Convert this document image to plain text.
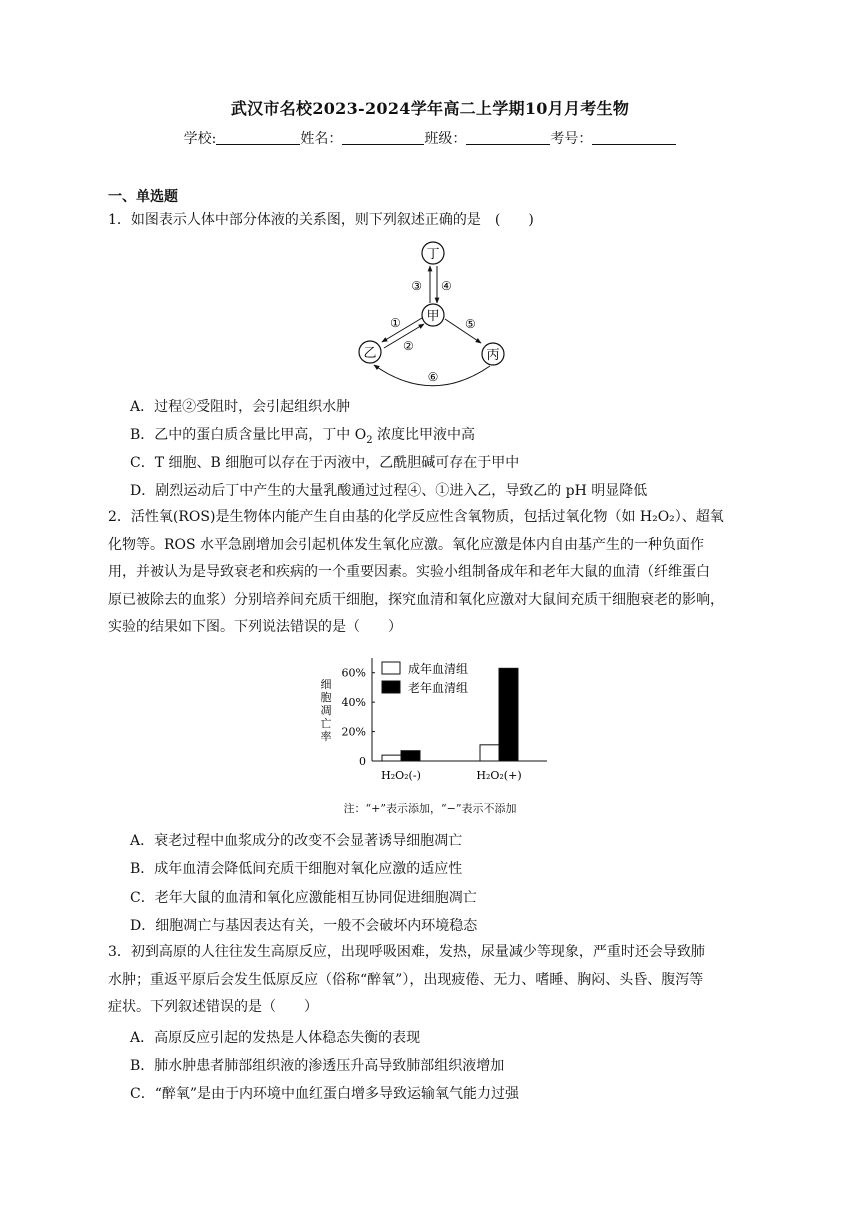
武汉市名校2023-2024学年高二上学期10月月考生物
学校:	姓名：	班级：	考号：
一、单选题
1．如图表示人体中部分体液的关系图，则下列叙述正确的是　(　　)
丁
甲
乙	丙
③ ④
①
②
⑤
⑥
A．过程②受阻时，会引起组织水肿
B．乙中的蛋白质含量比甲高，丁中 $O_2$ 浓度比甲液中高
C．T 细胞、B 细胞可以存在于丙液中，乙酰胆碱可存在于甲中
D．剧烈运动后丁中产生的大量乳酸通过过程④、①进入乙，导致乙的 pH 明显降低
2．活性氧(ROS)是生物体内能产生自由基的化学反应性含氧物质，包括过氧化物（如 H₂O₂）、超氧
化物等。ROS 水平急剧增加会引起机体发生氧化应激。氧化应激是体内自由基产生的一种负面作
用，并被认为是导致衰老和疾病的一个重要因素。实验小组制备成年和老年大鼠的血清（纤维蛋白
原已被除去的血浆）分别培养间充质干细胞，探究血清和氧化应激对大鼠间充质干细胞衰老的影响，
实验的结果如下图。下列说法错误的是（　　）
细
胞
凋
亡
率
0
20%
40%
60%
H₂O₂(-)	H₂O₂(+)
成年血清组
老年血清组
注：“+”表示添加，“−”表示不添加
A．衰老过程中血浆成分的改变不会显著诱导细胞凋亡
B．成年血清会降低间充质干细胞对氧化应激的适应性
C．老年大鼠的血清和氧化应激能相互协同促进细胞凋亡
D．细胞凋亡与基因表达有关，一般不会破坏内环境稳态
3．初到高原的人往往发生高原反应，出现呼吸困难，发热，尿量减少等现象，严重时还会导致肺
水肿；重返平原后会发生低原反应（俗称“醉氧”），出现疲倦、无力、嗜睡、胸闷、头昏、腹泻等
症状。下列叙述错误的是（　　）
A．高原反应引起的发热是人体稳态失衡的表现
B．肺水肿患者肺部组织液的渗透压升高导致肺部组织液增加
C．“醉氧”是由于内环境中血红蛋白增多导致运输氧气能力过强
